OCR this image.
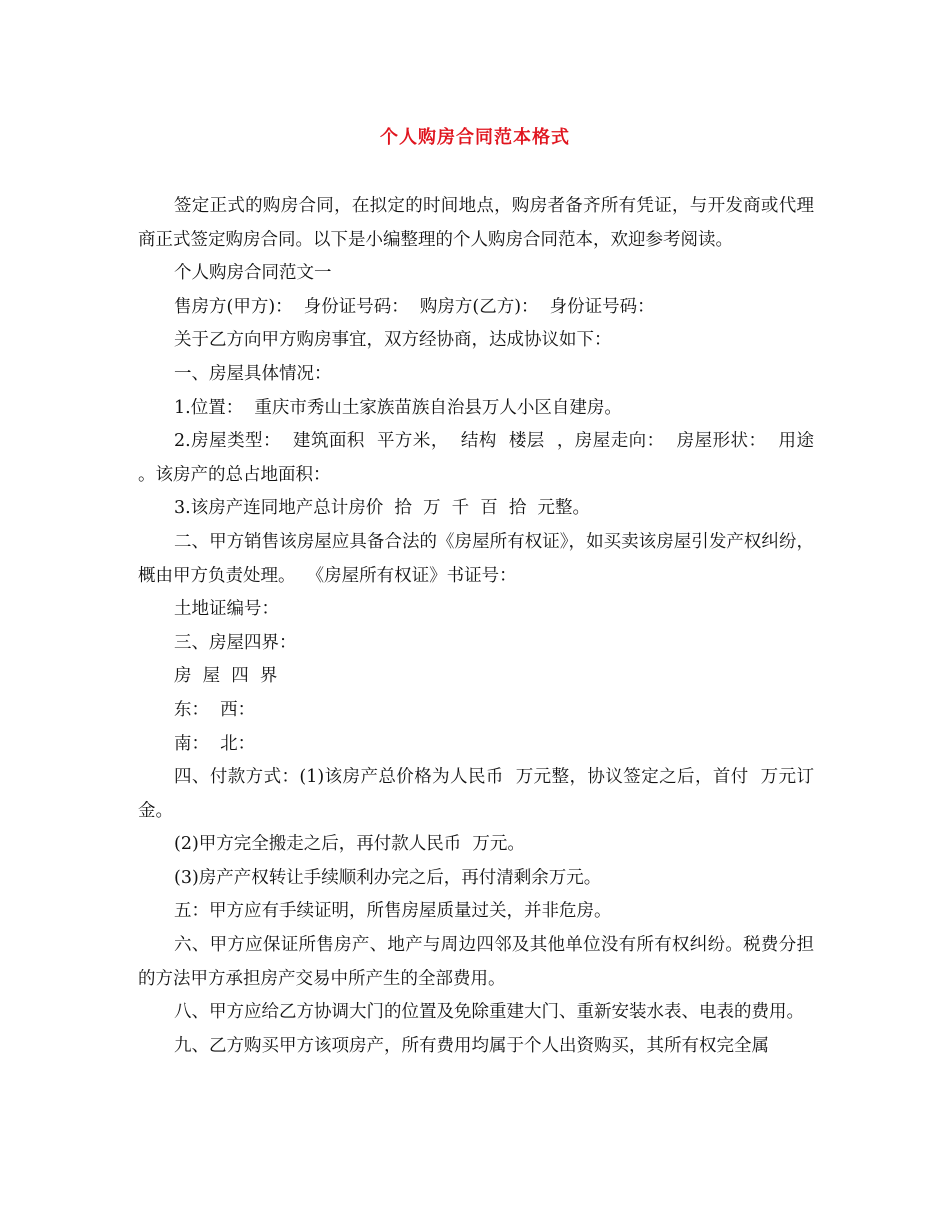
个人购房合同范本格式

签定正式的购房合同，在拟定的时间地点，购房者备齐所有凭证，与开发商或代理商正式签定购房合同。以下是小编整理的个人购房合同范本，欢迎参考阅读。

个人购房合同范文一

售房方(甲方)：  身份证号码：  购房方(乙方)：  身份证号码：

关于乙方向甲方购房事宜，双方经协商，达成协议如下：

一、房屋具体情况：

1.位置：  重庆市秀山土家族苗族自治县万人小区自建房。

2.房屋类型：  建筑面积  平方米，  结构  楼层  ，房屋走向：  房屋形状：  用途  。该房产的总占地面积：

3.该房产连同地产总计房价  拾  万  千  百  拾  元整。

二、甲方销售该房屋应具备合法的《房屋所有权证》，如买卖该房屋引发产权纠纷，概由甲方负责处理。  《房屋所有权证》书证号：

土地证编号：

三、房屋四界：

房  屋  四  界

东：  西：

南：  北：

四、付款方式：(1)该房产总价格为人民币  万元整，协议签定之后，首付  万元订金。

(2)甲方完全搬走之后，再付款人民币  万元。

(3)房产产权转让手续顺利办完之后，再付清剩余万元。

五：甲方应有手续证明，所售房屋质量过关，并非危房。

六、甲方应保证所售房产、地产与周边四邻及其他单位没有所有权纠纷。税费分担的方法甲方承担房产交易中所产生的全部费用。

八、甲方应给乙方协调大门的位置及免除重建大门、重新安装水表、电表的费用。

九、乙方购买甲方该项房产，所有费用均属于个人出资购买，其所有权完全属
